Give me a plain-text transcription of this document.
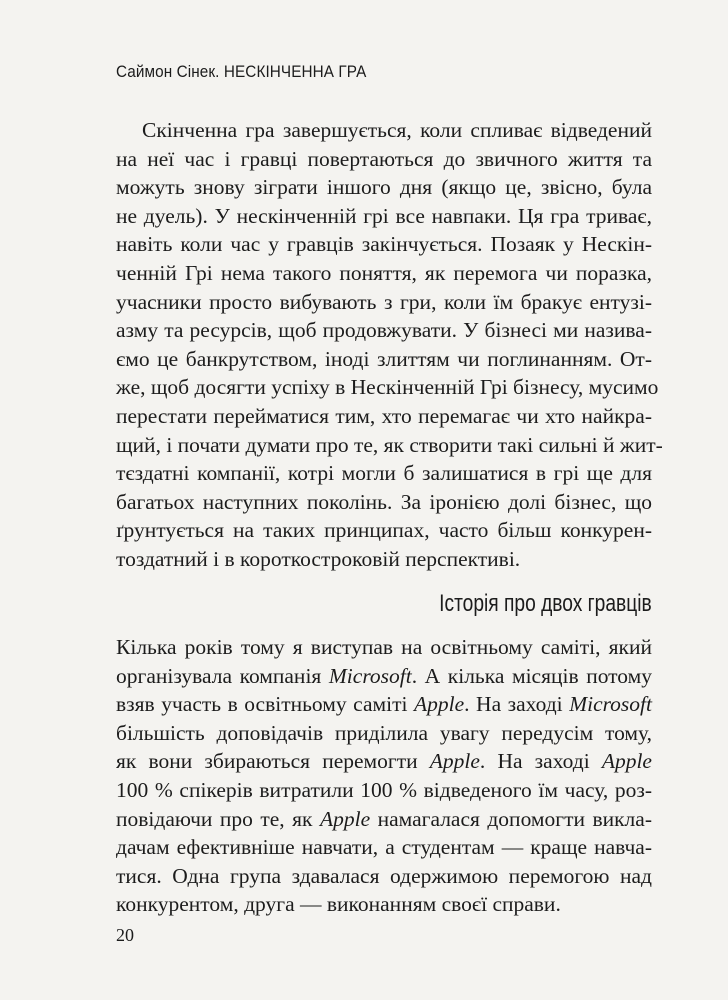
Саймон Сінек. НЕСКІНЧЕННА ГРА
Скінченна гра завершується, коли спливає відведений
на неї час і гравці повертаються до звичного життя та
можуть знову зіграти іншого дня (якщо це, звісно, була
не дуель). У нескінченній грі все навпаки. Ця гра триває,
навіть коли час у гравців закінчується. Позаяк у Нескін-
ченній Грі нема такого поняття, як перемога чи поразка,
учасники просто вибувають з гри, коли їм бракує ентузі-
азму та ресурсів, щоб продовжувати. У бізнесі ми назива-
ємо це банкрутством, іноді злиттям чи поглинанням. От-
же, щоб досягти успіху в Нескінченній Грі бізнесу, мусимо
перестати перейматися тим, хто перемагає чи хто найкра-
щий, і почати думати про те, як створити такі сильні й жит-
тєздатні компанії, котрі могли б залишатися в грі ще для
багатьох наступних поколінь. За іронією долі бізнес, що
ґрунтується на таких принципах, часто більш конкурен-
тоздатний і в короткостроковій перспективі.
Історія про двох гравців
Кілька років тому я виступав на освітньому саміті, який
організувала компанія Microsoft. А кілька місяців потому
взяв участь в освітньому саміті Apple. На заході Microsoft
більшість доповідачів приділила увагу передусім тому,
як вони збираються перемогти Apple. На заході Apple
100 % спікерів витратили 100 % відведеного їм часу, роз-
повідаючи про те, як Apple намагалася допомогти викла-
дачам ефективніше навчати, а студентам — краще навча-
тися. Одна група здавалася одержимою перемогою над
конкурентом, друга — виконанням своєї справи.
20
